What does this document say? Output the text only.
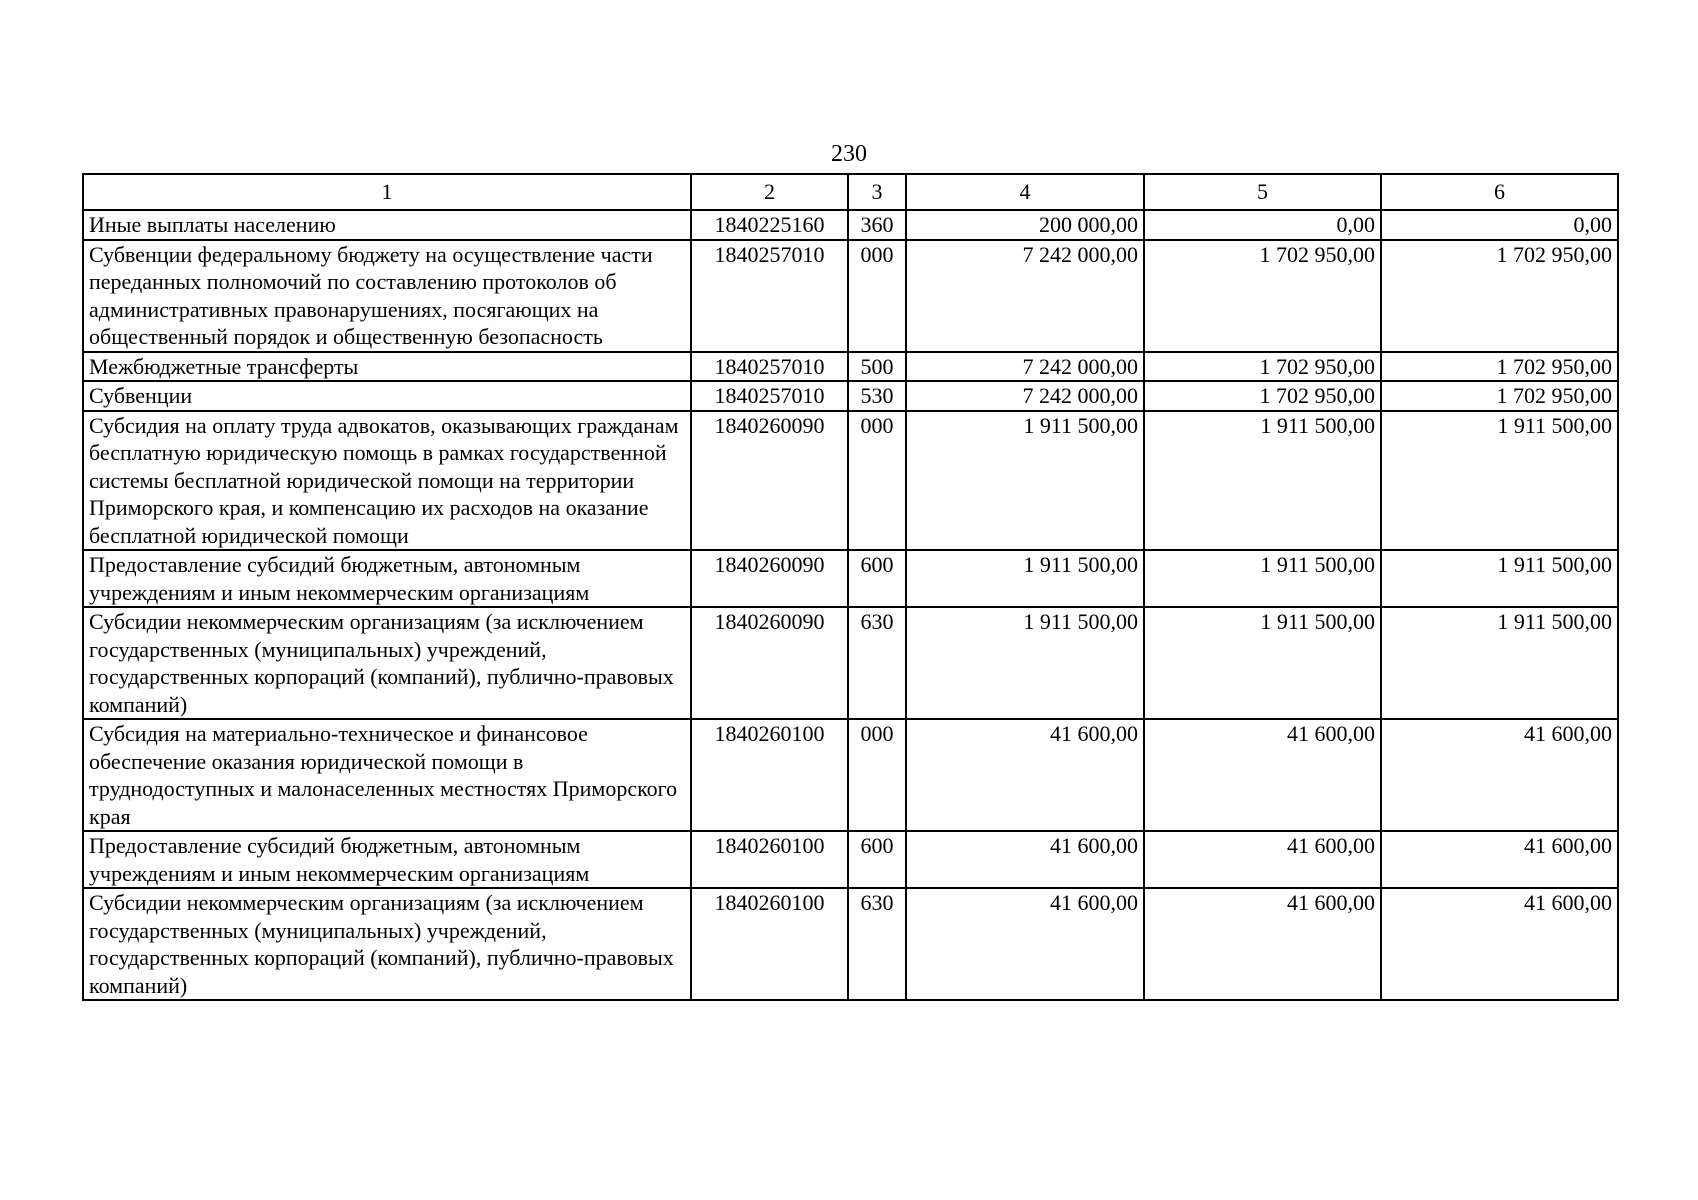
230
1	2	3	4	5	6
Иные выплаты населению	1840225160	360	200 000,00	0,00	0,00
Субвенции федеральному бюджету на осуществление части переданных полномочий по составлению протоколов об административных правонарушениях, посягающих на общественный порядок и общественную безопасность	1840257010	000	7 242 000,00	1 702 950,00	1 702 950,00
Межбюджетные трансферты	1840257010	500	7 242 000,00	1 702 950,00	1 702 950,00
Субвенции	1840257010	530	7 242 000,00	1 702 950,00	1 702 950,00
Субсидия на оплату труда адвокатов, оказывающих гражданам бесплатную юридическую помощь в рамках государственной системы бесплатной юридической помощи на территории Приморского края, и компенсацию их расходов на оказание бесплатной юридической помощи	1840260090	000	1 911 500,00	1 911 500,00	1 911 500,00
Предоставление субсидий бюджетным, автономным учреждениям и иным некоммерческим организациям	1840260090	600	1 911 500,00	1 911 500,00	1 911 500,00
Субсидии некоммерческим организациям (за исключением государственных (муниципальных) учреждений, государственных корпораций (компаний), публично-правовых компаний)	1840260090	630	1 911 500,00	1 911 500,00	1 911 500,00
Субсидия на материально-техническое и финансовое обеспечение оказания юридической помощи в труднодоступных и малонаселенных местностях Приморского края	1840260100	000	41 600,00	41 600,00	41 600,00
Предоставление субсидий бюджетным, автономным учреждениям и иным некоммерческим организациям	1840260100	600	41 600,00	41 600,00	41 600,00
Субсидии некоммерческим организациям (за исключением государственных (муниципальных) учреждений, государственных корпораций (компаний), публично-правовых компаний)	1840260100	630	41 600,00	41 600,00	41 600,00
